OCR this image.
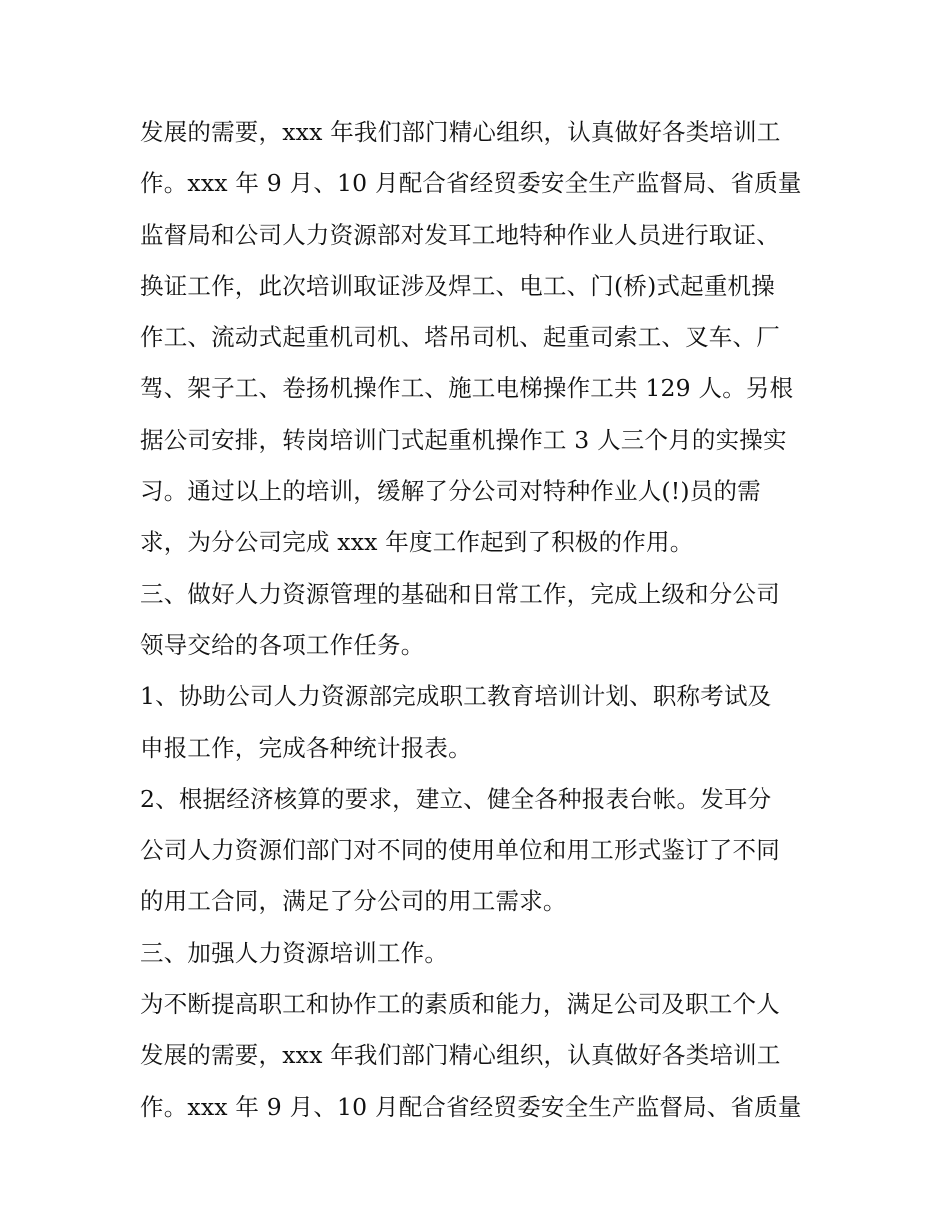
发展的需要，xxx 年我们部门精心组织，认真做好各类培训工
作。xxx 年 9 月、10 月配合省经贸委安全生产监督局、省质量
监督局和公司人力资源部对发耳工地特种作业人员进行取证、
换证工作，此次培训取证涉及焊工、电工、门(桥)式起重机操
作工、流动式起重机司机、塔吊司机、起重司索工、叉车、厂
驾、架子工、卷扬机操作工、施工电梯操作工共 129 人。另根
据公司安排，转岗培训门式起重机操作工 3 人三个月的实操实
习。通过以上的培训，缓解了分公司对特种作业人(!)员的需
求，为分公司完成 xxx 年度工作起到了积极的作用。
三、做好人力资源管理的基础和日常工作，完成上级和分公司
领导交给的各项工作任务。
1、协助公司人力资源部完成职工教育培训计划、职称考试及
申报工作，完成各种统计报表。
2、根据经济核算的要求，建立、健全各种报表台帐。发耳分
公司人力资源们部门对不同的使用单位和用工形式鉴订了不同
的用工合同，满足了分公司的用工需求。
三、加强人力资源培训工作。
为不断提高职工和协作工的素质和能力，满足公司及职工个人
发展的需要，xxx 年我们部门精心组织，认真做好各类培训工
作。xxx 年 9 月、10 月配合省经贸委安全生产监督局、省质量
